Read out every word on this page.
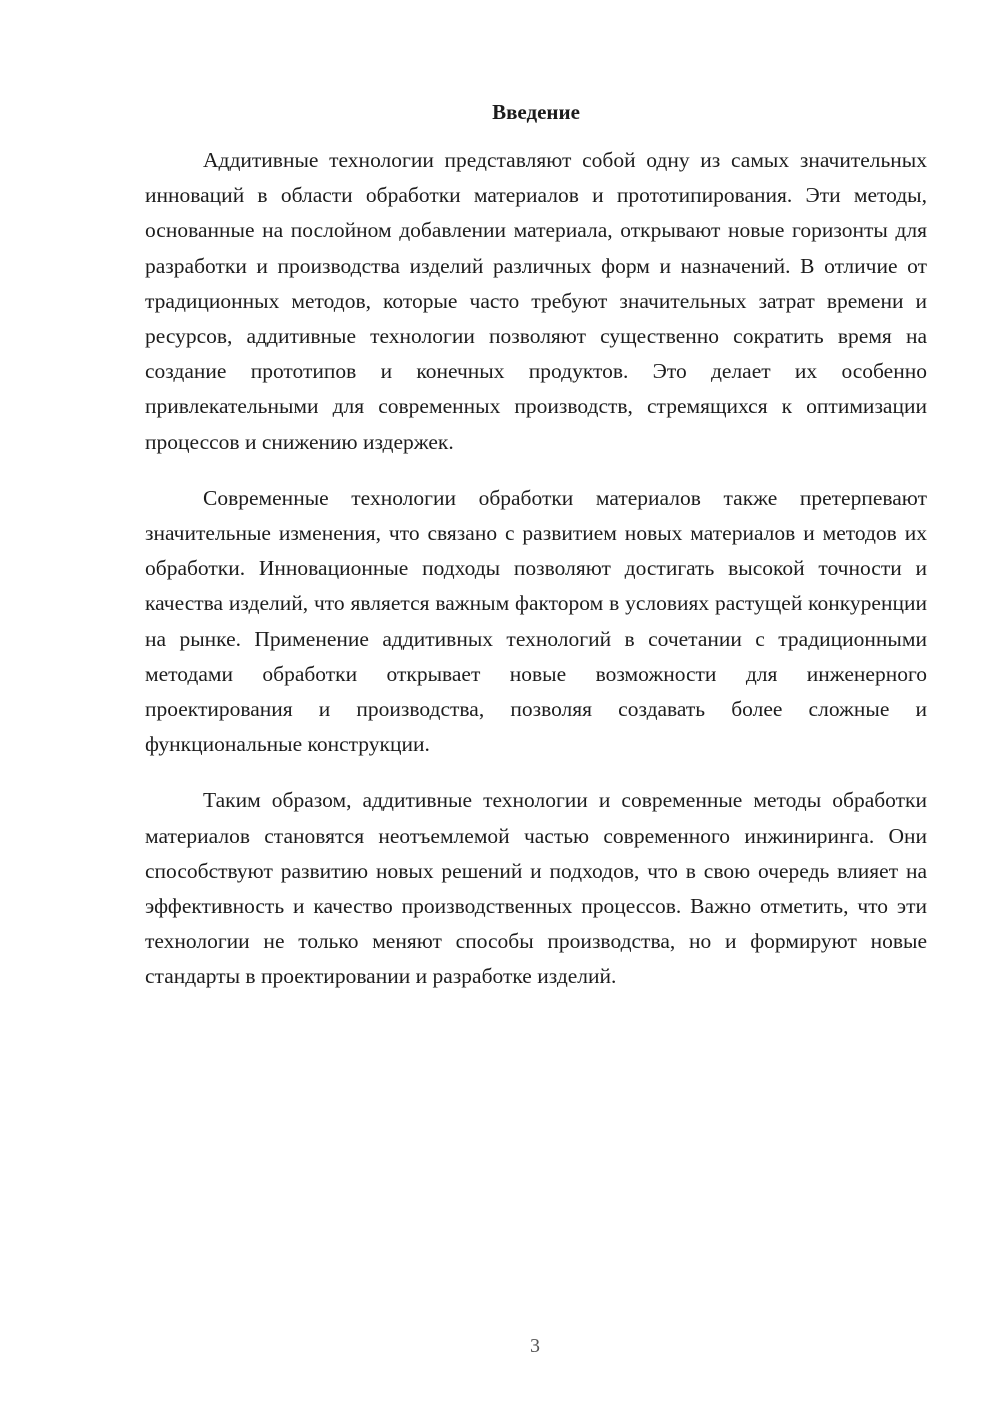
Введение

Аддитивные технологии представляют собой одну из самых значительных инноваций в области обработки материалов и прототипирования. Эти методы, основанные на послойном добавлении материала, открывают новые горизонты для разработки и производства изделий различных форм и назначений. В отличие от традиционных методов, которые часто требуют значительных затрат времени и ресурсов, аддитивные технологии позволяют существенно сократить время на создание прототипов и конечных продуктов. Это делает их особенно привлекательными для современных производств, стремящихся к оптимизации процессов и снижению издержек.

Современные технологии обработки материалов также претерпевают значительные изменения, что связано с развитием новых материалов и методов их обработки. Инновационные подходы позволяют достигать высокой точности и качества изделий, что является важным фактором в условиях растущей конкуренции на рынке. Применение аддитивных технологий в сочетании с традиционными методами обработки открывает новые возможности для инженерного проектирования и производства, позволяя создавать более сложные и функциональные конструкции.

Таким образом, аддитивные технологии и современные методы обработки материалов становятся неотъемлемой частью современного инжиниринга. Они способствуют развитию новых решений и подходов, что в свою очередь влияет на эффективность и качество производственных процессов. Важно отметить, что эти технологии не только меняют способы производства, но и формируют новые стандарты в проектировании и разработке изделий.

3
